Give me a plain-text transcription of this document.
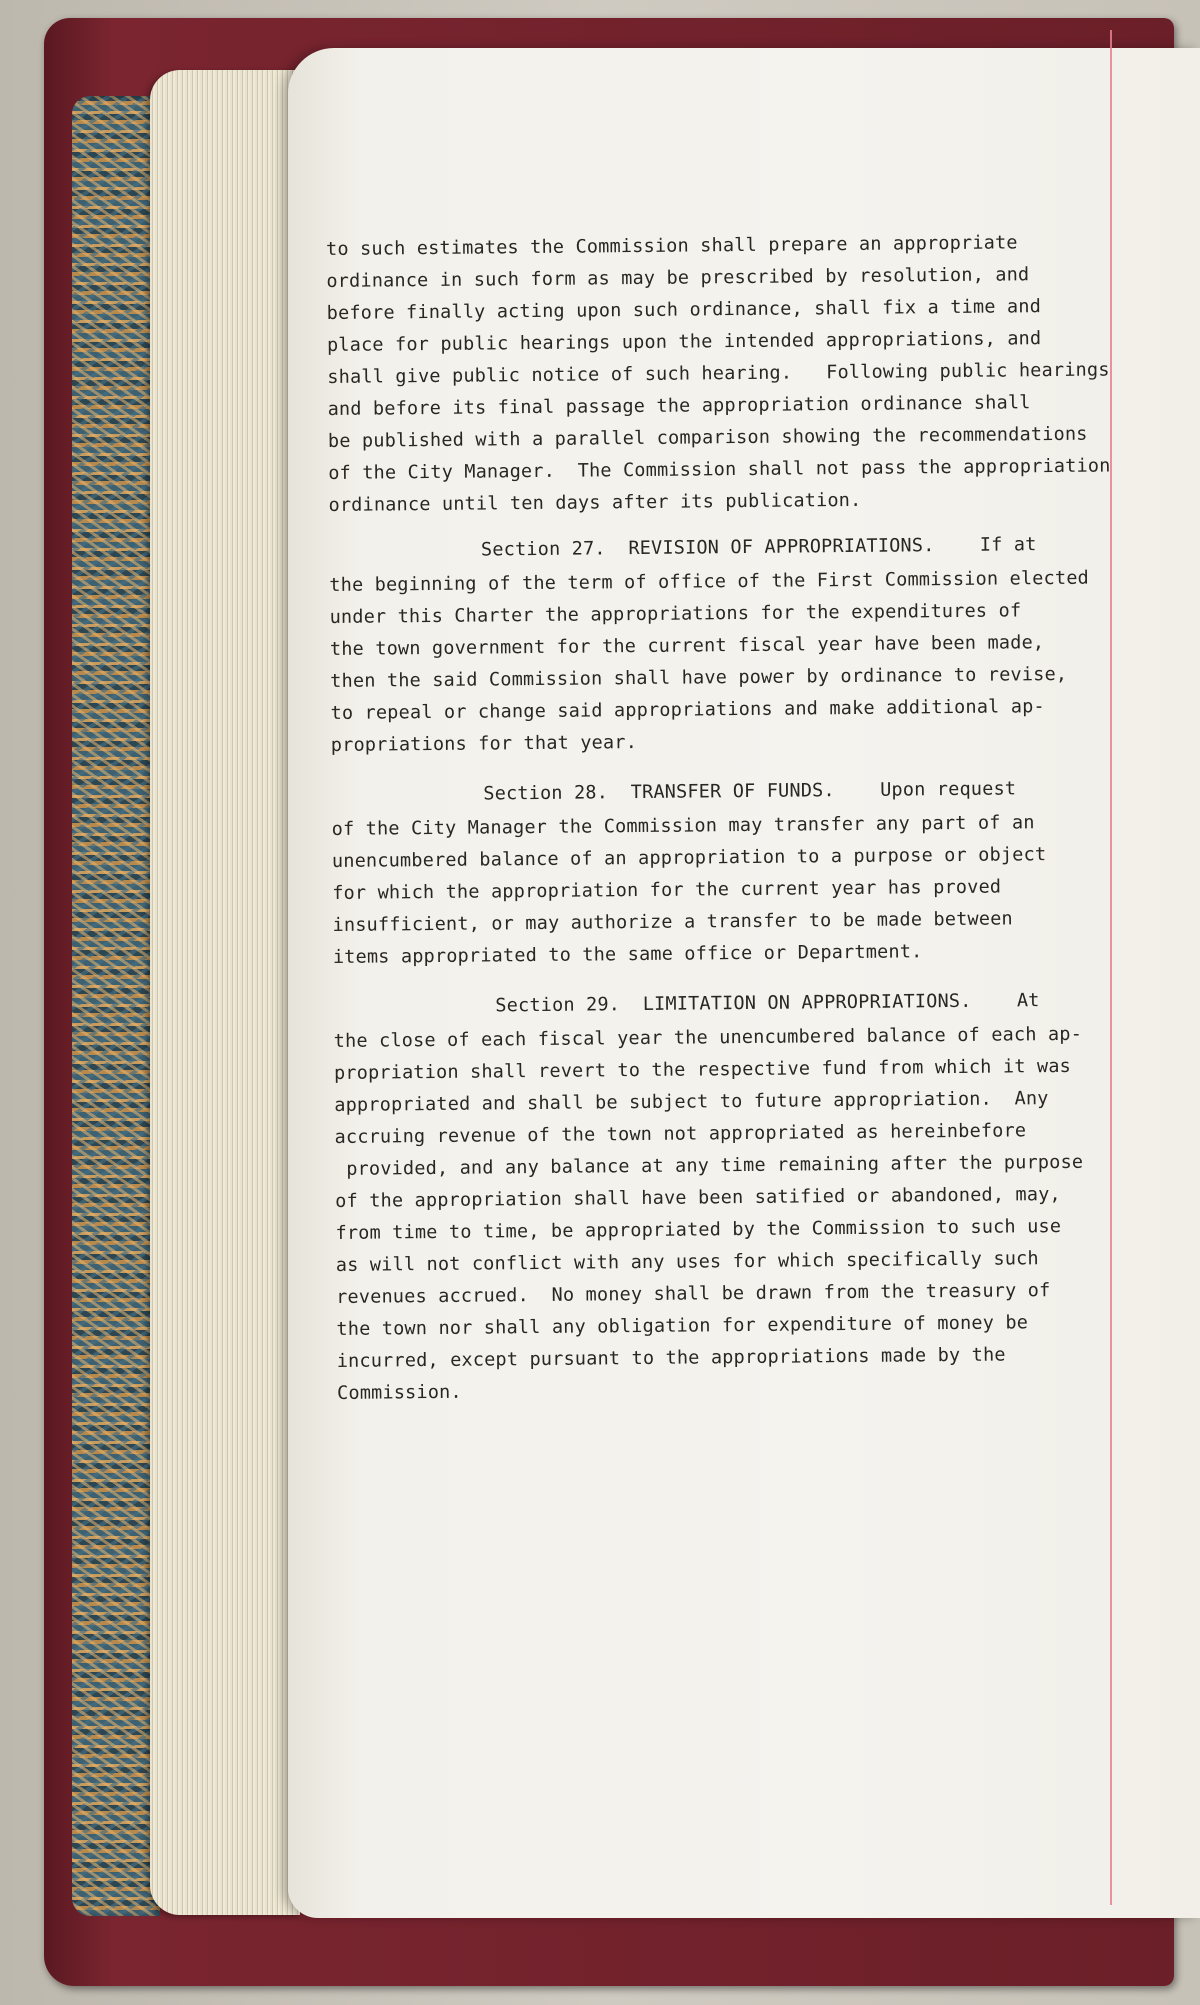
to such estimates the Commission shall prepare an appropriate

ordinance in such form as may be prescribed by resolution, and

before finally acting upon such ordinance, shall fix a time and

place for public hearings upon the intended appropriations, and

shall give public notice of such hearing.   Following public hearings

and before its final passage the appropriation ordinance shall

be published with a parallel comparison showing the recommendations

of the City Manager.  The Commission shall not pass the appropriation

ordinance until ten days after its publication.

Section 27.  REVISION OF APPROPRIATIONS.    If at

the beginning of the term of office of the First Commission elected

under this Charter the appropriations for the expenditures of

the town government for the current fiscal year have been made,

then the said Commission shall have power by ordinance to revise,

to repeal or change said appropriations and make additional ap-

propriations for that year.

Section 28.  TRANSFER OF FUNDS.    Upon request

of the City Manager the Commission may transfer any part of an

unencumbered balance of an appropriation to a purpose or object

for which the appropriation for the current year has proved

insufficient, or may authorize a transfer to be made between

items appropriated to the same office or Department.

Section 29.  LIMITATION ON APPROPRIATIONS.    At

the close of each fiscal year the unencumbered balance of each ap-

propriation shall revert to the respective fund from which it was

appropriated and shall be subject to future appropriation.  Any

accruing revenue of the town not appropriated as hereinbefore

provided, and any balance at any time remaining after the purpose

of the appropriation shall have been satified or abandoned, may,

from time to time, be appropriated by the Commission to such use

as will not conflict with any uses for which specifically such

revenues accrued.  No money shall be drawn from the treasury of

the town nor shall any obligation for expenditure of money be

incurred, except pursuant to the appropriations made by the

Commission.
